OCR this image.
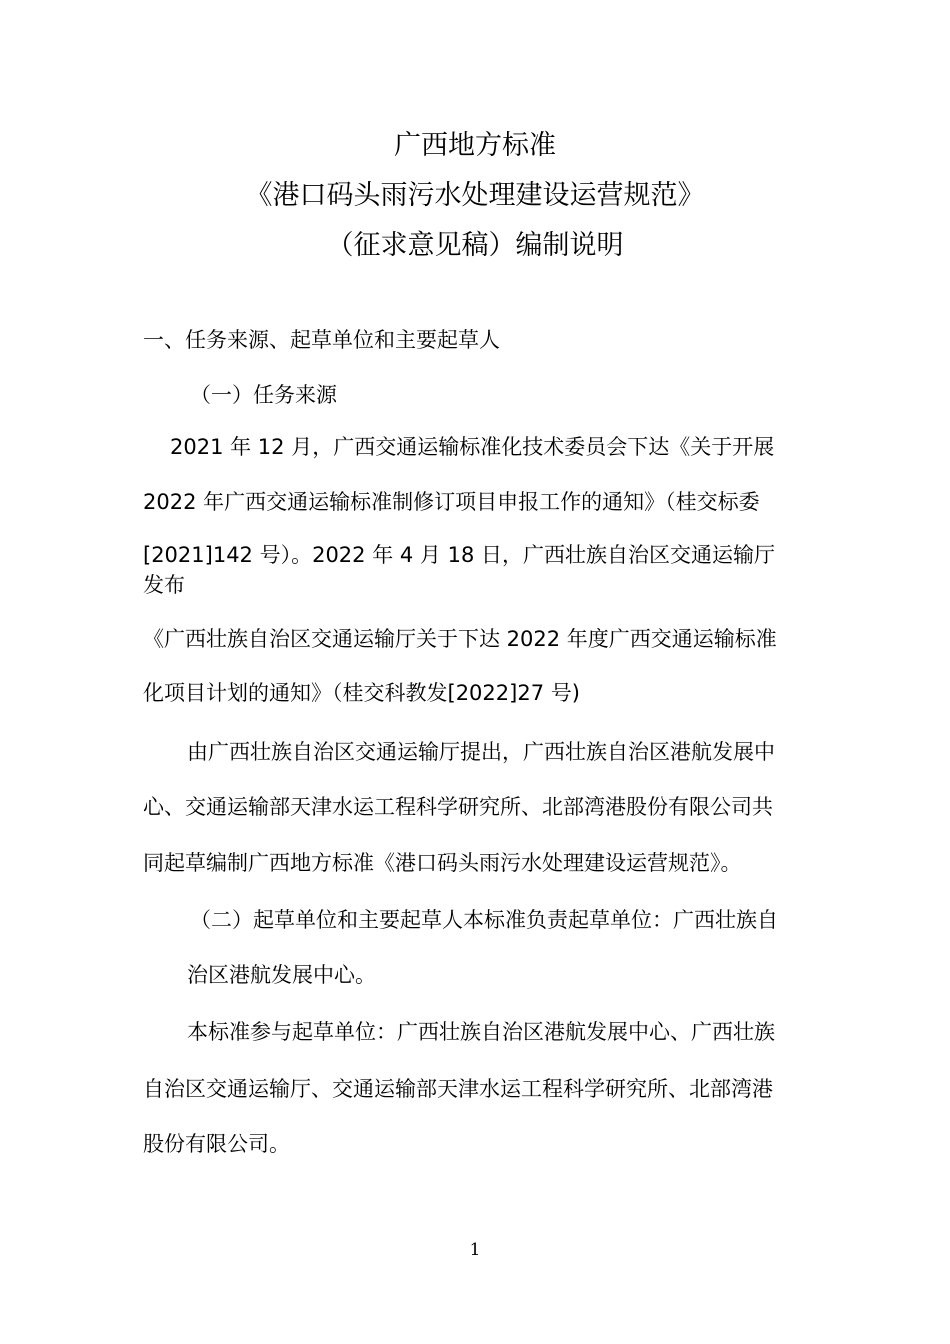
广西地方标准
《港口码头雨污水处理建设运营规范》
（征求意见稿）编制说明
一、任务来源、起草单位和主要起草人
（一）任务来源
2021 年 12 月，广西交通运输标准化技术委员会下达《关于开展
2022 年广西交通运输标准制修订项目申报工作的通知》（桂交标委
[2021]142 号）。2022 年 4 月 18 日，广西壮族自治区交通运输厅
发布
《广西壮族自治区交通运输厅关于下达 2022 年度广西交通运输标准
化项目计划的通知》（桂交科教发[2022]27 号)
由广西壮族自治区交通运输厅提出，广西壮族自治区港航发展中
心、交通运输部天津水运工程科学研究所、北部湾港股份有限公司共
同起草编制广西地方标准《港口码头雨污水处理建设运营规范》。
（二）起草单位和主要起草人本标准负责起草单位：广西壮族自
治区港航发展中心。
本标准参与起草单位：广西壮族自治区港航发展中心、广西壮族
自治区交通运输厅、交通运输部天津水运工程科学研究所、北部湾港
股份有限公司。
1
